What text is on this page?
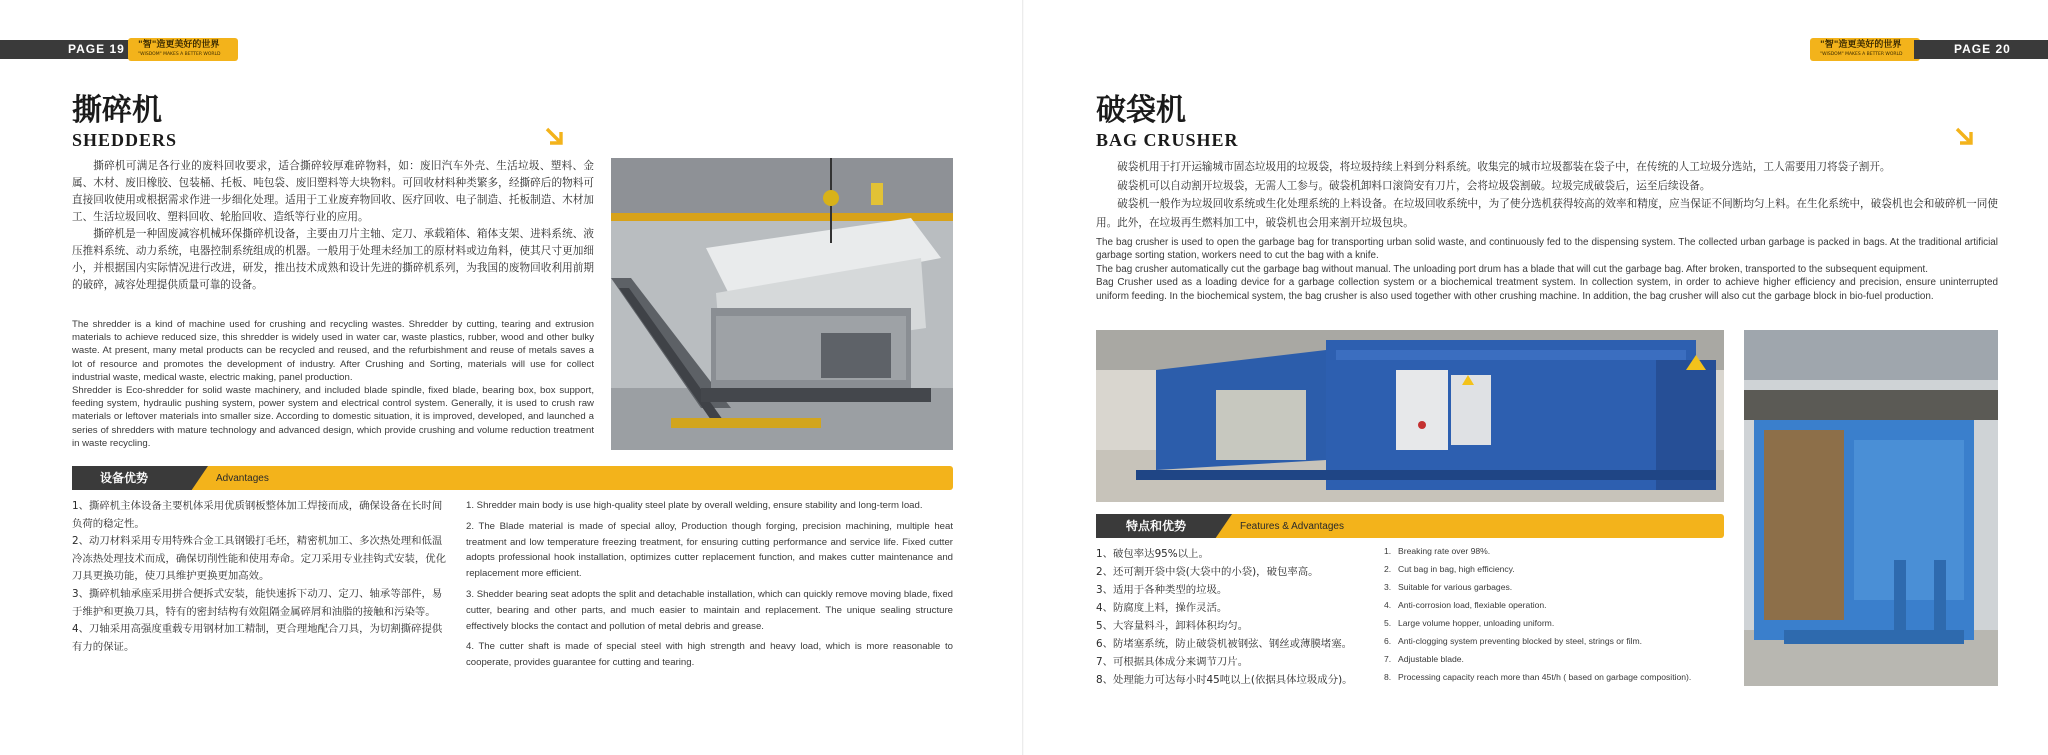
PAGE 19 "智"造更美好的世界
"WISDOM" MAKES A BETTER WORLD
撕碎机
SHEDDERS

撕碎机可满足各行业的废料回收要求，适合撕碎较厚难碎物料，如：废旧汽车外壳、生活垃圾、塑料、金属、木材、废旧橡胶、包装桶、托板、吨包袋、废旧塑料等大块物料。可回收材料种类繁多，经撕碎后的物料可直接回收使用或根据需求作进一步细化处理。适用于工业废弃物回收、医疗回收、电子制造、托板制造、木材加工、生活垃圾回收、塑料回收、轮胎回收、造纸等行业的应用。

撕碎机是一种固废减容机械环保撕碎机设备，主要由刀片主轴、定刀、承载箱体、箱体支架、进料系统、液压推料系统、动力系统，电器控制系统组成的机器。一般用于处理未经加工的原材料或边角料，使其尺寸更加细小，并根据国内实际情况进行改进，研发，推出技术成熟和设计先进的撕碎机系列，为我国的废物回收利用前期的破碎，减容处理提供质量可靠的设备。

The shredder is a kind of machine used for crushing and recycling wastes. Shredder by cutting, tearing and extrusion materials to achieve reduced size, this shredder is widely used in water car, waste plastics, rubber, wood and other bulky waste. At present, many metal products can be recycled and reused, and the refurbishment and reuse of metals saves a lot of resource and promotes the development of industry. After Crushing and Sorting, materials will use for collect industrial waste, medical waste, electric making, panel production.

Shredder is Eco-shredder for solid waste machinery, and included blade spindle, fixed blade, bearing box, box support, feeding system, hydraulic pushing system, power system and electrical control system. Generally, it is used to crush raw materials or leftover materials into smaller size. According to domestic situation, it is improved, developed, and launched a series of shredders with mature technology and advanced design, which provide crushing and volume reduction treatment in waste recycling.

设备优势	Advantages
1、撕碎机主体设备主要机体采用优质钢板整体加工焊接而成，确保设备在长时间负荷的稳定性。
2、动刀材料采用专用特殊合金工具钢锻打毛坯，精密机加工、多次热处理和低温冷冻热处理技术而成，确保切削性能和使用寿命。定刀采用专业挂钩式安装，优化刀具更换功能，使刀具维护更换更加高效。
3、撕碎机轴承座采用拼合便拆式安装，能快速拆下动刀、定刀、轴承等部件，易于维护和更换刀具，特有的密封结构有效阻隔金属碎屑和油脂的接触和污染等。
4、刀轴采用高强度重载专用钢材加工精制，更合理地配合刀具，为切割撕碎提供有力的保证。
1. Shredder main body is use high-quality steel plate by overall welding, ensure stability and long-term load.
2. The Blade material is made of special alloy, Production though forging, precision machining, multiple heat treatment and low temperature freezing treatment, for ensuring cutting performance and service life. Fixed cutter adopts professional hook installation, optimizes cutter replacement function, and makes cutter maintenance and replacement more efficient.
3. Shedder bearing seat adopts the split and detachable installation, which can quickly remove moving blade, fixed cutter, bearing and other parts, and much easier to maintain and replacement. The unique sealing structure effectively blocks the contact and pollution of metal debris and grease.
4. The cutter shaft is made of special steel with high strength and heavy load, which is more reasonable to cooperate, provides guarantee for cutting and tearing.
"智"造更美好的世界
"WISDOM" MAKES A BETTER WORLD	PAGE 20
破袋机
BAG CRUSHER

破袋机用于打开运输城市固态垃圾用的垃圾袋，将垃圾持续上料到分料系统。收集完的城市垃圾都装在袋子中，在传统的人工垃圾分选站，工人需要用刀将袋子割开。

破袋机可以自动割开垃圾袋，无需人工参与。破袋机卸料口滚筒安有刀片，会将垃圾袋割破。垃圾完成破袋后，运至后续设备。

破袋机一般作为垃圾回收系统或生化处理系统的上料设备。在垃圾回收系统中，为了使分选机获得较高的效率和精度，应当保证不间断均匀上料。在生化系统中，破袋机也会和破碎机一同使用。此外，在垃圾再生燃料加工中，破袋机也会用来割开垃圾包块。

The bag crusher is used to open the garbage bag for transporting urban solid waste, and continuously fed to the dispensing system. The collected urban garbage is packed in bags. At the traditional artificial garbage sorting station, workers need to cut the bag with a knife.

The bag crusher automatically cut the garbage bag without manual. The unloading port drum has a blade that will cut the garbage bag. After broken, transported to the subsequent equipment.

Bag Crusher used as a loading device for a garbage collection system or a biochemical treatment system. In collection system, in order to achieve higher efficiency and precision, ensure uninterrupted uniform feeding. In the biochemical system, the bag crusher is also used together with other crushing machine. In addition, the bag crusher will also cut the garbage block in bio-fuel production.

特点和优势	Features & Advantages
1、破包率达95%以上。
2、还可割开袋中袋(大袋中的小袋)，破包率高。
3、适用于各种类型的垃圾。
4、防腐度上料，操作灵活。
5、大容量料斗，卸料体积均匀。
6、防堵塞系统，防止破袋机被钢弦、钢丝或薄膜堵塞。
7、可根据具体成分来调节刀片。
8、处理能力可达每小时45吨以上(依据具体垃圾成分)。
1. Breaking rate over 98%.
2. Cut bag in bag, high efficiency.
3. Suitable for various garbages.
4. Anti-corrosion load, flexiable operation.
5. Large volume hopper, unloading uniform.
6. Anti-clogging system preventing blocked by steel, strings or film.
7. Adjustable blade.
8. Processing capacity reach more than 45t/h ( based on garbage composition).
